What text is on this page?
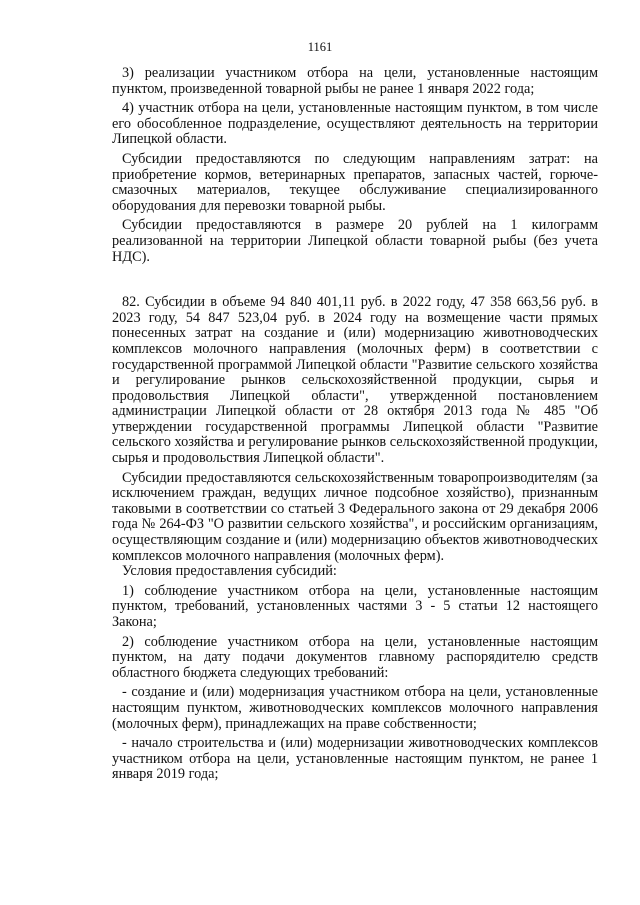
1161

3) реализации участником отбора на цели, установленные настоящим пунктом, произведенной товарной рыбы не ранее 1 января 2022 года;

4) участник отбора на цели, установленные настоящим пунктом, в том числе его обособленное подразделение, осуществляют деятельность на территории Липецкой области.

Субсидии предоставляются по следующим направлениям затрат: на приобретение кормов, ветеринарных препаратов, запасных частей, горюче-смазочных материалов, текущее обслуживание специализированного оборудования для перевозки товарной рыбы.

Субсидии предоставляются в размере 20 рублей на 1 килограмм реализованной на территории Липецкой области товарной рыбы (без учета НДС).

82. Субсидии в объеме 94 840 401,11 руб. в 2022 году, 47 358 663,56 руб. в 2023 году, 54 847 523,04 руб. в 2024 году на возмещение части прямых понесенных затрат на создание и (или) модернизацию животноводческих комплексов молочного направления (молочных ферм) в соответствии с государственной программой Липецкой области "Развитие сельского хозяйства и регулирование рынков сельскохозяйственной продукции, сырья и продовольствия Липецкой области", утвержденной постановлением администрации Липецкой области от 28 октября 2013 года № 485 "Об утверждении государственной программы Липецкой области "Развитие сельского хозяйства и регулирование рынков сельскохозяйственной продукции, сырья и продовольствия Липецкой области".

Субсидии предоставляются сельскохозяйственным товаропроизводителям (за исключением граждан, ведущих личное подсобное хозяйство), признанным таковыми в соответствии со статьей 3 Федерального закона от 29 декабря 2006 года № 264-ФЗ "О развитии сельского хозяйства", и российским организациям, осуществляющим создание и (или) модернизацию объектов животноводческих комплексов молочного направления (молочных ферм).

Условия предоставления субсидий:

1) соблюдение участником отбора на цели, установленные настоящим пунктом, требований, установленных частями 3 - 5 статьи 12 настоящего Закона;

2) соблюдение участником отбора на цели, установленные настоящим пунктом, на дату подачи документов главному распорядителю средств областного бюджета следующих требований:

- создание и (или) модернизация участником отбора на цели, установленные настоящим пунктом, животноводческих комплексов молочного направления (молочных ферм), принадлежащих на праве собственности;

- начало строительства и (или) модернизации животноводческих комплексов участником отбора на цели, установленные настоящим пунктом, не ранее 1 января 2019 года;
